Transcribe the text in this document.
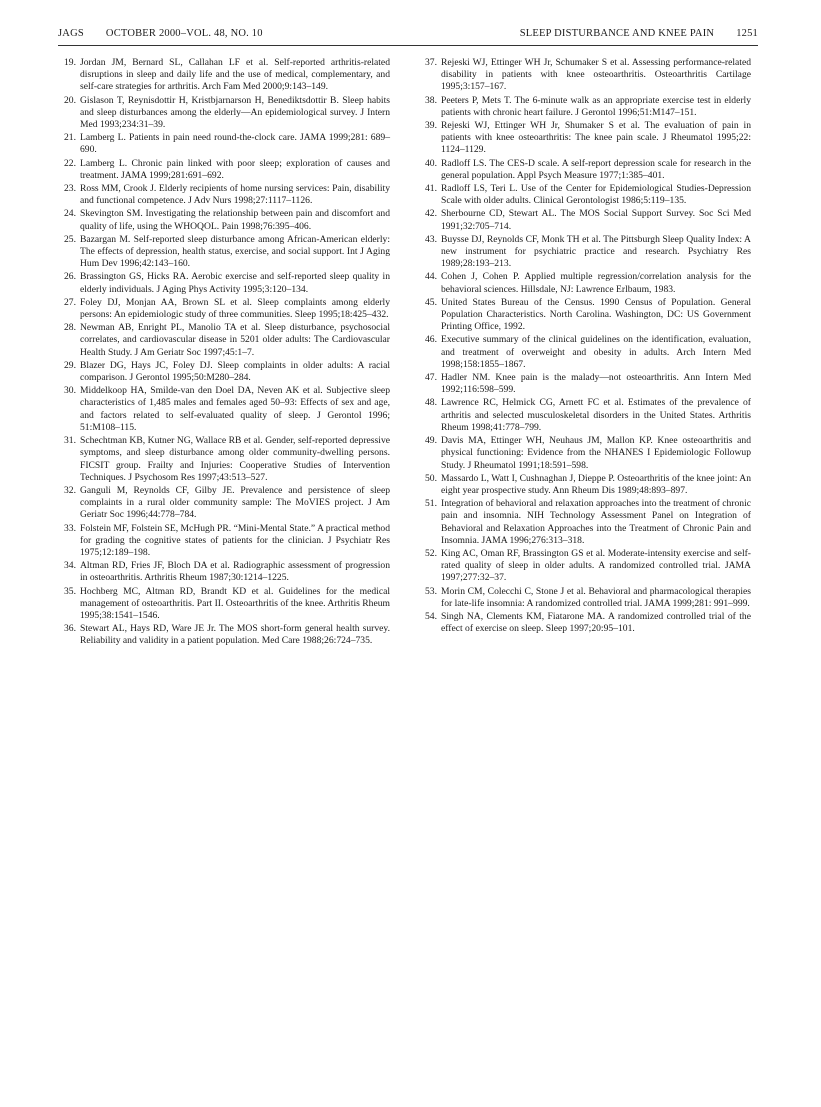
JAGS OCTOBER 2000–VOL. 48, NO. 10	SLEEP DISTURBANCE AND KNEE PAIN 1251
19. Jordan JM, Bernard SL, Callahan LF et al. Self-reported arthritis-related disruptions in sleep and daily life and the use of medical, complementary, and self-care strategies for arthritis. Arch Fam Med 2000;9:143–149.
20. Gislason T, Reynisdottir H, Kristbjarnarson H, Benediktsdottir B. Sleep habits and sleep disturbances among the elderly—An epidemiological survey. J Intern Med 1993;234:31–39.
21. Lamberg L. Patients in pain need round-the-clock care. JAMA 1999;281: 689–690.
22. Lamberg L. Chronic pain linked with poor sleep; exploration of causes and treatment. JAMA 1999;281:691–692.
23. Ross MM, Crook J. Elderly recipients of home nursing services: Pain, disability and functional competence. J Adv Nurs 1998;27:1117–1126.
24. Skevington SM. Investigating the relationship between pain and discomfort and quality of life, using the WHOQOL. Pain 1998;76:395–406.
25. Bazargan M. Self-reported sleep disturbance among African-American elderly: The effects of depression, health status, exercise, and social support. Int J Aging Hum Dev 1996;42:143–160.
26. Brassington GS, Hicks RA. Aerobic exercise and self-reported sleep quality in elderly individuals. J Aging Phys Activity 1995;3:120–134.
27. Foley DJ, Monjan AA, Brown SL et al. Sleep complaints among elderly persons: An epidemiologic study of three communities. Sleep 1995;18:425–432.
28. Newman AB, Enright PL, Manolio TA et al. Sleep disturbance, psychosocial correlates, and cardiovascular disease in 5201 older adults: The Cardiovascular Health Study. J Am Geriatr Soc 1997;45:1–7.
29. Blazer DG, Hays JC, Foley DJ. Sleep complaints in older adults: A racial comparison. J Gerontol 1995;50:M280–284.
30. Middelkoop HA, Smilde-van den Doel DA, Neven AK et al. Subjective sleep characteristics of 1,485 males and females aged 50–93: Effects of sex and age, and factors related to self-evaluated quality of sleep. J Gerontol 1996; 51:M108–115.
31. Schechtman KB, Kutner NG, Wallace RB et al. Gender, self-reported depressive symptoms, and sleep disturbance among older community-dwelling persons. FICSIT group. Frailty and Injuries: Cooperative Studies of Intervention Techniques. J Psychosom Res 1997;43:513–527.
32. Ganguli M, Reynolds CF, Gilby JE. Prevalence and persistence of sleep complaints in a rural older community sample: The MoVIES project. J Am Geriatr Soc 1996;44:778–784.
33. Folstein MF, Folstein SE, McHugh PR. “Mini-Mental State.” A practical method for grading the cognitive states of patients for the clinician. J Psychiatr Res 1975;12:189–198.
34. Altman RD, Fries JF, Bloch DA et al. Radiographic assessment of progression in osteoarthritis. Arthritis Rheum 1987;30:1214–1225.
35. Hochberg MC, Altman RD, Brandt KD et al. Guidelines for the medical management of osteoarthritis. Part II. Osteoarthritis of the knee. Arthritis Rheum 1995;38:1541–1546.
36. Stewart AL, Hays RD, Ware JE Jr. The MOS short-form general health survey. Reliability and validity in a patient population. Med Care 1988;26:724–735.
37. Rejeski WJ, Ettinger WH Jr, Schumaker S et al. Assessing performance-related disability in patients with knee osteoarthritis. Osteoarthritis Cartilage 1995;3:157–167.
38. Peeters P, Mets T. The 6-minute walk as an appropriate exercise test in elderly patients with chronic heart failure. J Gerontol 1996;51:M147–151.
39. Rejeski WJ, Ettinger WH Jr, Shumaker S et al. The evaluation of pain in patients with knee osteoarthritis: The knee pain scale. J Rheumatol 1995;22: 1124–1129.
40. Radloff LS. The CES-D scale. A self-report depression scale for research in the general population. Appl Psych Measure 1977;1:385–401.
41. Radloff LS, Teri L. Use of the Center for Epidemiological Studies-Depression Scale with older adults. Clinical Gerontologist 1986;5:119–135.
42. Sherbourne CD, Stewart AL. The MOS Social Support Survey. Soc Sci Med 1991;32:705–714.
43. Buysse DJ, Reynolds CF, Monk TH et al. The Pittsburgh Sleep Quality Index: A new instrument for psychiatric practice and research. Psychiatry Res 1989;28:193–213.
44. Cohen J, Cohen P. Applied multiple regression/correlation analysis for the behavioral sciences. Hillsdale, NJ: Lawrence Erlbaum, 1983.
45. United States Bureau of the Census. 1990 Census of Population. General Population Characteristics. North Carolina. Washington, DC: US Government Printing Office, 1992.
46. Executive summary of the clinical guidelines on the identification, evaluation, and treatment of overweight and obesity in adults. Arch Intern Med 1998;158:1855–1867.
47. Hadler NM. Knee pain is the malady—not osteoarthritis. Ann Intern Med 1992;116:598–599.
48. Lawrence RC, Helmick CG, Arnett FC et al. Estimates of the prevalence of arthritis and selected musculoskeletal disorders in the United States. Arthritis Rheum 1998;41:778–799.
49. Davis MA, Ettinger WH, Neuhaus JM, Mallon KP. Knee osteoarthritis and physical functioning: Evidence from the NHANES I Epidemiologic Followup Study. J Rheumatol 1991;18:591–598.
50. Massardo L, Watt I, Cushnaghan J, Dieppe P. Osteoarthritis of the knee joint: An eight year prospective study. Ann Rheum Dis 1989;48:893–897.
51. Integration of behavioral and relaxation approaches into the treatment of chronic pain and insomnia. NIH Technology Assessment Panel on Integration of Behavioral and Relaxation Approaches into the Treatment of Chronic Pain and Insomnia. JAMA 1996;276:313–318.
52. King AC, Oman RF, Brassington GS et al. Moderate-intensity exercise and self-rated quality of sleep in older adults. A randomized controlled trial. JAMA 1997;277:32–37.
53. Morin CM, Colecchi C, Stone J et al. Behavioral and pharmacological therapies for late-life insomnia: A randomized controlled trial. JAMA 1999;281: 991–999.
54. Singh NA, Clements KM, Fiatarone MA. A randomized controlled trial of the effect of exercise on sleep. Sleep 1997;20:95–101.
